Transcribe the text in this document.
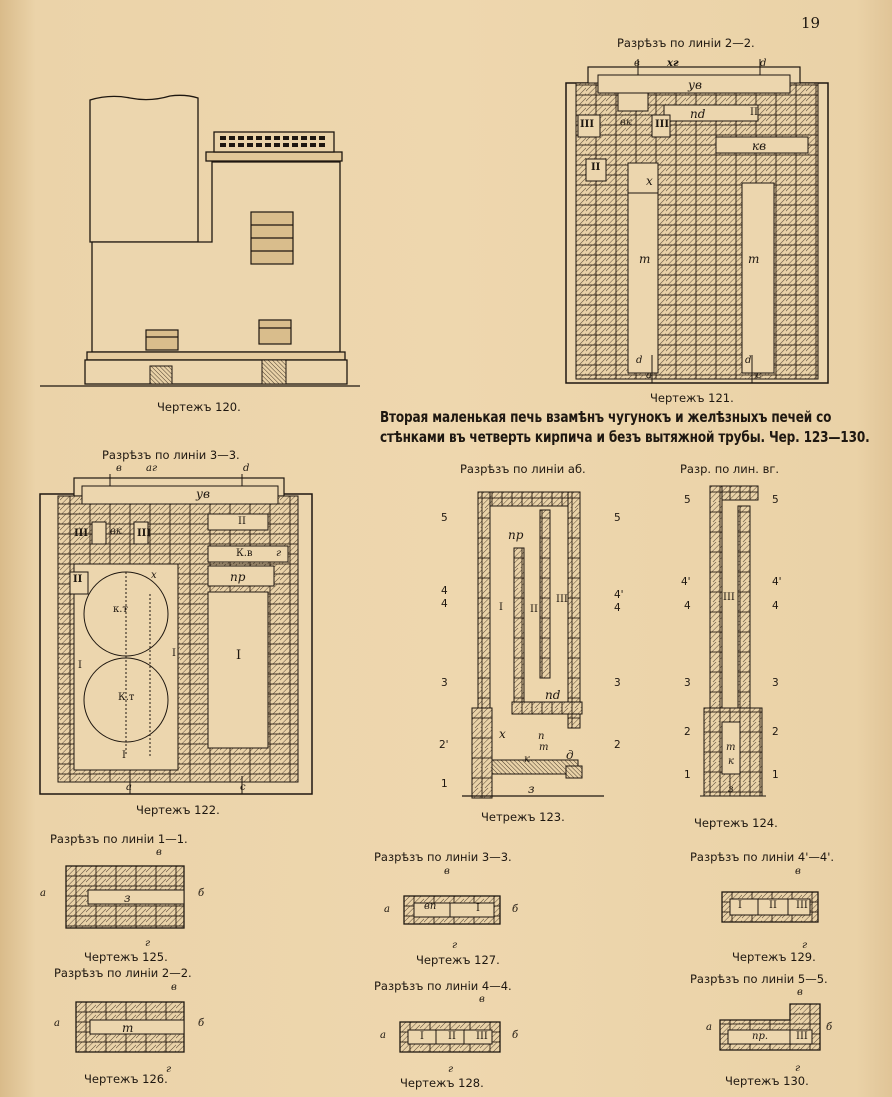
19
Чертежъ 120.
Разрѣзъ по линіи 2—2.
в	хг	d
ув
III	вк III
пd	II
кв
II
х
т	т
d	d
а	c
Чертежъ 121.
Вторая маленькая печь взамѣнъ чугунокъ и желѣзныхъ печей со
стѣнками въ четверть кирпича и безъ вытяжной трубы. Чер. 123—130.
Разрѣзъ по линіи 3—3.
в аг	d
ув
III вк III
II
К.в г
пр
II	х
к.т
К.т
I
I	I
I
а	c
Чертежъ 122.
Разрѣзъ по линіи аб.
5
4
4
3
2'
1
5
4'
4
3
2
пр
I	II
III
пd
х	п
т
к	д
з
Четрежъ 123.
Разр. по лин. вг.
5
4'
4
3
2
1
5
4'
4
3
2
1
III
т
к
з
Чертежъ 124.
Разрѣзъ по линіи 1—1.
в
а	б
з
г
Чертежъ 125.
Разрѣзъ по линіи 2—2.
в
а	б
т
г
Чертежъ 126.
Разрѣзъ по линіи 3—3.
в
а	б
вп	I
г
Чертежъ 127.
Разрѣзъ по линіи 4—4.
в
а	б
I II III
г
Чертежъ 128.
Разрѣзъ по линіи 4'—4'.
в
I	II III
г
Чертежъ 129.
Разрѣзъ по линіи 5—5.
в
а	б
пр.	III
г
Чертежъ 130.
